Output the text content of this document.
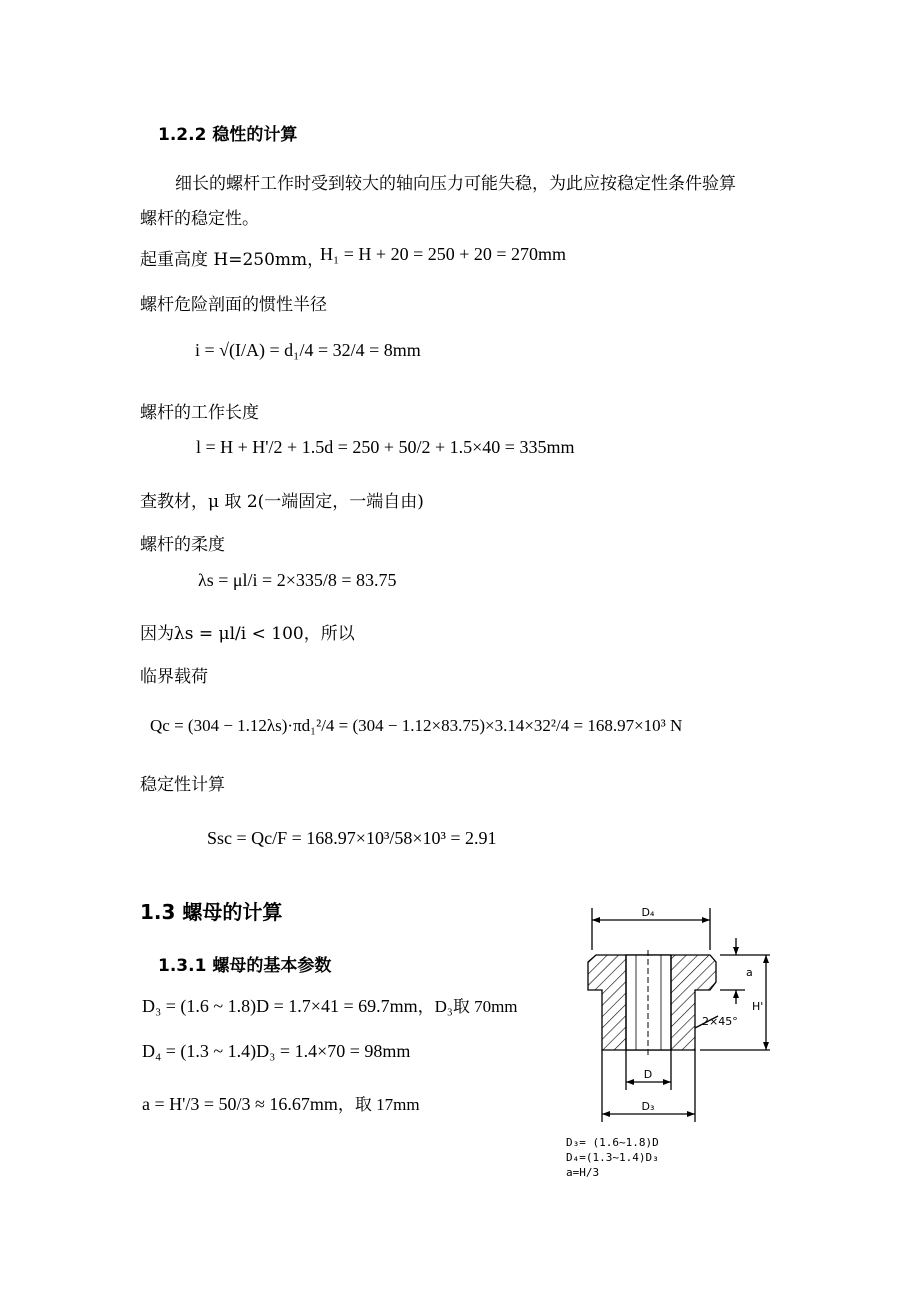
1.2.2 稳性的计算
细长的螺杆工作时受到较大的轴向压力可能失稳，为此应按稳定性条件验算
螺杆的稳定性。
起重高度 H=250mm，
H₁ = H + 20 = 250 + 20 = 270mm
螺杆危险剖面的惯性半径
i = √(I/A) = d₁/4 = 32/4 = 8mm
螺杆的工作长度
l = H + H'/2 + 1.5d = 250 + 50/2 + 1.5×40 = 335mm
查教材，μ 取 2(一端固定，一端自由)
螺杆的柔度
λs = μl/i = 2×335/8 = 83.75
因为λs = μl/i < 100，所以
临界载荷
Qc = (304 − 1.12λs)·πd₁²/4 = (304 − 1.12×83.75)×3.14×32²/4 = 168.97×10³ N
稳定性计算
Ssc = Qc/F = 168.97×10³/58×10³ = 2.91
1.3 螺母的计算
1.3.1 螺母的基本参数
D₃ = (1.6 ~ 1.8)D = 1.7×41 = 69.7mm，D₃取 70mm
D₄ = (1.3 ~ 1.4)D₃ = 1.4×70 = 98mm
a = H'/3 = 50/3 ≈ 16.67mm，取 17mm
D₄
a
H'
2×45°
D
D₃
D₃= (1.6~1.8)D
D₄=(1.3~1.4)D₃
a=H/3
